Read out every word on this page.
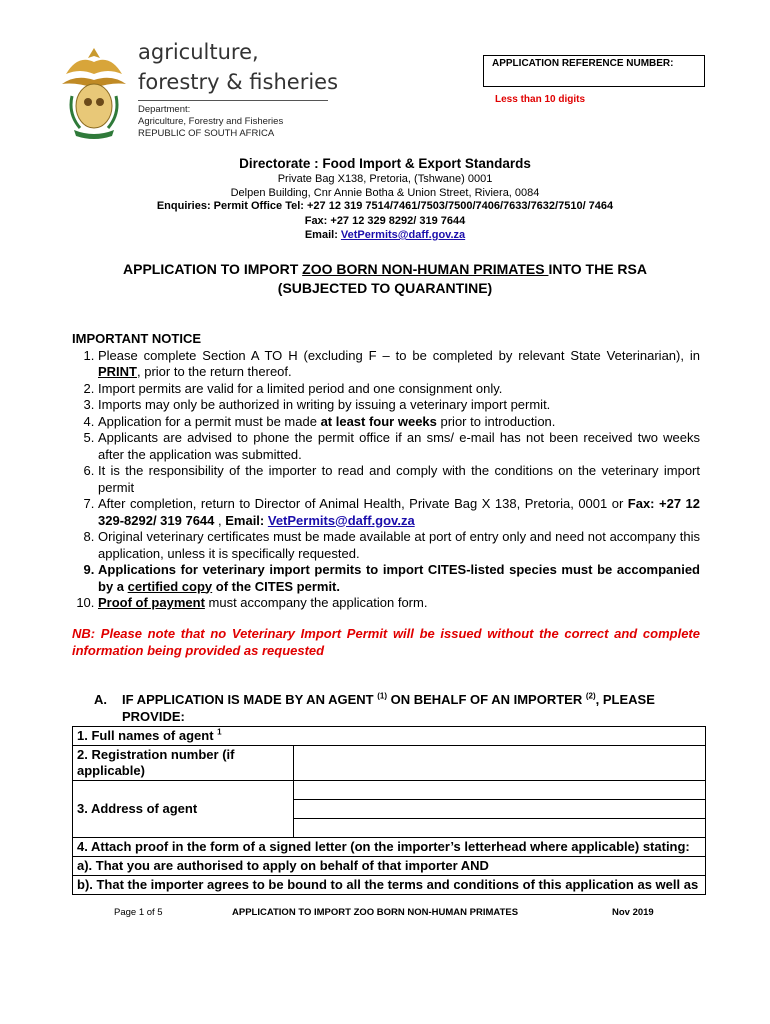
agriculture,
forestry & fisheries
Department:
Agriculture, Forestry and Fisheries
REPUBLIC OF SOUTH AFRICA
APPLICATION REFERENCE NUMBER:
Less than 10 digits
Directorate : Food Import & Export Standards
Private Bag X138, Pretoria, (Tshwane) 0001
Delpen Building, Cnr Annie Botha & Union Street, Riviera, 0084
Enquiries: Permit Office Tel: +27 12 319 7514/7461/7503/7500/7406/7633/7632/7510/ 7464
Fax: +27 12 329 8292/ 319 7644
Email: VetPermits@daff.gov.za
APPLICATION TO IMPORT ZOO BORN NON-HUMAN PRIMATES INTO THE RSA
(SUBJECTED TO QUARANTINE)
IMPORTANT NOTICE
1. Please complete Section A TO H (excluding F – to be completed by relevant State Veterinarian), in PRINT, prior to the return thereof.
2. Import permits are valid for a limited period and one consignment only.
3. Imports may only be authorized in writing by issuing a veterinary import permit.
4. Application for a permit must be made at least four weeks prior to introduction.
5. Applicants are advised to phone the permit office if an sms/ e-mail has not been received two weeks after the application was submitted.
6. It is the responsibility of the importer to read and comply with the conditions on the veterinary import permit
7. After completion, return to Director of Animal Health, Private Bag X 138, Pretoria, 0001 or Fax: +27 12 329-8292/ 319 7644 , Email: VetPermits@daff.gov.za
8. Original veterinary certificates must be made available at port of entry only and need not accompany this application, unless it is specifically requested.
9. Applications for veterinary import permits to import CITES-listed species must be accompanied by a certified copy of the CITES permit.
10. Proof of payment must accompany the application form.
NB: Please note that no Veterinary Import Permit will be issued without the correct and complete information being provided as requested
A. IF APPLICATION IS MADE BY AN AGENT $^{(1)}$ ON BEHALF OF AN IMPORTER $^{(2)}$, PLEASE PROVIDE:
1. Full names of agent $^1$
2. Registration number (if applicable)	
3. Address of agent	

4. Attach proof in the form of a signed letter (on the importer’s letterhead where applicable) stating:	
a). That you are authorised to apply on behalf of that importer AND	
b). That the importer agrees to be bound to all the terms and conditions of this application as well as	
Page 1 of 5	APPLICATION TO IMPORT ZOO BORN NON-HUMAN PRIMATES	Nov 2019
